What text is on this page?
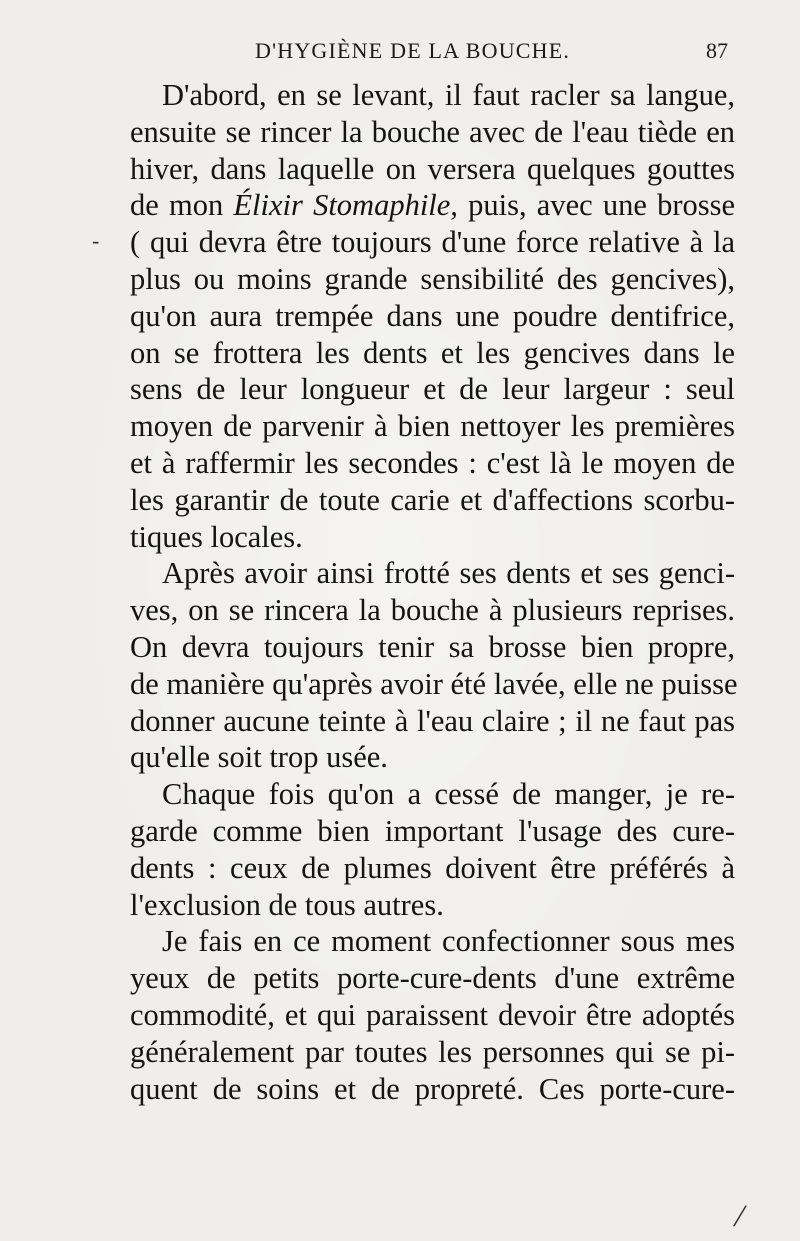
D'HYGIÈNE DE LA BOUCHE.	87
-
D'abord, en se levant, il faut racler sa langue,
ensuite se rincer la bouche avec de l'eau tiède en
hiver, dans laquelle on versera quelques gouttes
de mon Élixir Stomaphile, puis, avec une brosse
( qui devra être toujours d'une force relative à la
plus ou moins grande sensibilité des gencives),
qu'on aura trempée dans une poudre dentifrice,
on se frottera les dents et les gencives dans le
sens de leur longueur et de leur largeur : seul
moyen de parvenir à bien nettoyer les premières
et à raffermir les secondes : c'est là le moyen de
les garantir de toute carie et d'affections scorbu-
tiques locales.
Après avoir ainsi frotté ses dents et ses genci-
ves, on se rincera la bouche à plusieurs reprises.
On devra toujours tenir sa brosse bien propre,
de manière qu'après avoir été lavée, elle ne puisse
donner aucune teinte à l'eau claire ; il ne faut pas
qu'elle soit trop usée.
Chaque fois qu'on a cessé de manger, je re-
garde comme bien important l'usage des cure-
dents : ceux de plumes doivent être préférés à
l'exclusion de tous autres.
Je fais en ce moment confectionner sous mes
yeux de petits porte-cure-dents d'une extrême
commodité, et qui paraissent devoir être adoptés
généralement par toutes les personnes qui se pi-
quent de soins et de propreté. Ces porte-cure-
/
